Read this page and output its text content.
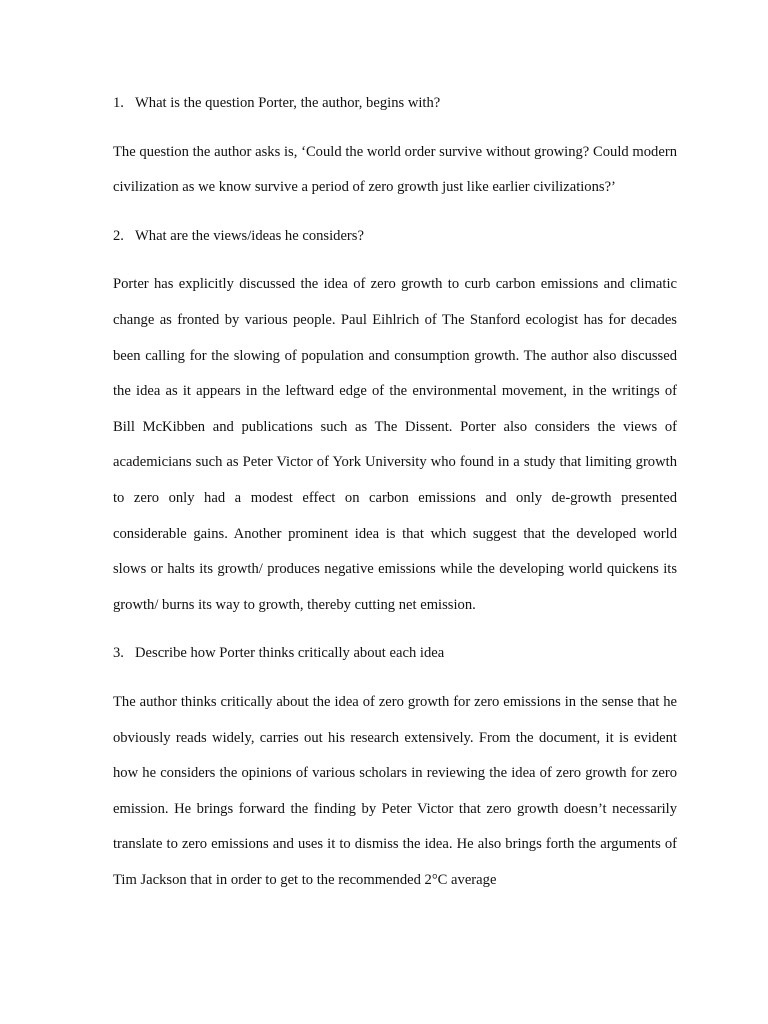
1. What is the question Porter, the author, begins with?

The question the author asks is, ‘Could the world order survive without growing? Could modern civilization as we know survive a period of zero growth just like earlier civilizations?’

2. What are the views/ideas he considers?

Porter has explicitly discussed the idea of zero growth to curb carbon emissions and climatic change as fronted by various people. Paul Eihlrich of The Stanford ecologist has for decades been calling for the slowing of population and consumption growth. The author also discussed the idea as it appears in the leftward edge of the environmental movement, in the writings of Bill McKibben and publications such as The Dissent. Porter also considers the views of academicians such as Peter Victor of York University who found in a study that limiting growth to zero only had a modest effect on carbon emissions and only de-growth presented considerable gains. Another prominent idea is that which suggest that the developed world slows or halts its growth/ produces negative emissions while the developing world quickens its growth/ burns its way to growth, thereby cutting net emission.

3. Describe how Porter thinks critically about each idea

The author thinks critically about the idea of zero growth for zero emissions in the sense that he obviously reads widely, carries out his research extensively. From the document, it is evident how he considers the opinions of various scholars in reviewing the idea of zero growth for zero emission. He brings forward the finding by Peter Victor that zero growth doesn’t necessarily translate to zero emissions and uses it to dismiss the idea. He also brings forth the arguments of Tim Jackson that in order to get to the recommended 2°C average
